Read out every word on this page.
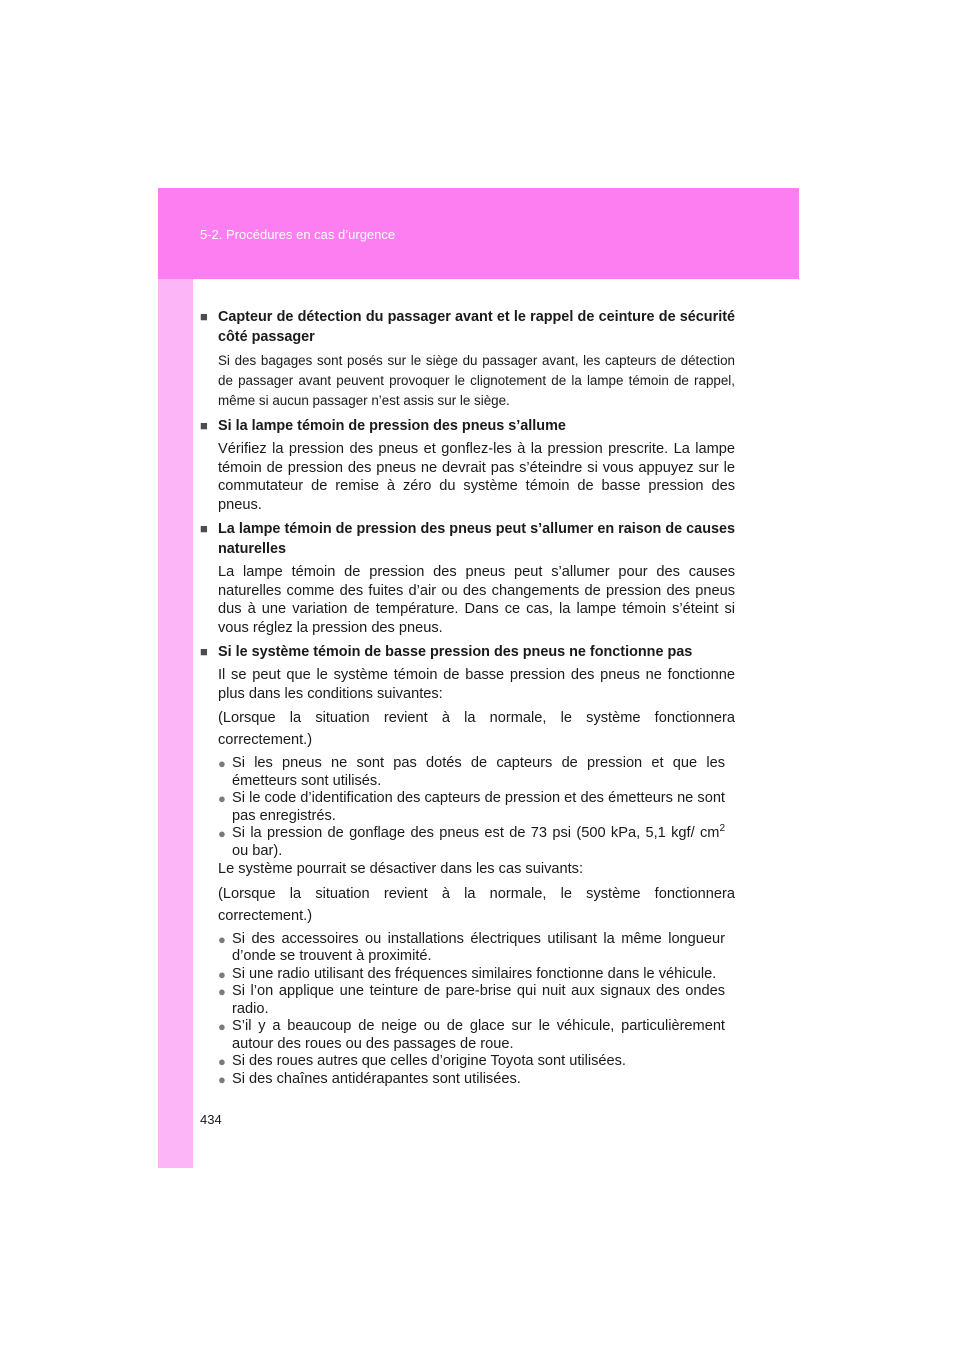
5-2. Procédures en cas d’urgence
■ Capteur de détection du passager avant et le rappel de ceinture de sécurité côté passager

Si des bagages sont posés sur le siège du passager avant, les capteurs de détection de passager avant peuvent provoquer le clignotement de la lampe témoin de rappel, même si aucun passager n’est assis sur le siège.

■ Si la lampe témoin de pression des pneus s’allume

Vérifiez la pression des pneus et gonflez-les à la pression prescrite. La lampe témoin de pression des pneus ne devrait pas s’éteindre si vous appuyez sur le commutateur de remise à zéro du système témoin de basse pression des pneus.

■ La lampe témoin de pression des pneus peut s’allumer en raison de causes naturelles

La lampe témoin de pression des pneus peut s’allumer pour des causes naturelles comme des fuites d’air ou des changements de pression des pneus dus à une variation de température. Dans ce cas, la lampe témoin s’éteint si vous réglez la pression des pneus.

■ Si le système témoin de basse pression des pneus ne fonctionne pas

Il se peut que le système témoin de basse pression des pneus ne fonctionne plus dans les conditions suivantes:

(Lorsque la situation revient à la normale, le système fonctionnera correctement.)

● Si les pneus ne sont pas dotés de capteurs de pression et que les émetteurs sont utilisés.
● Si le code d’identification des capteurs de pression et des émetteurs ne sont pas enregistrés.
● Si la pression de gonflage des pneus est de 73 psi (500 kPa, 5,1 kgf/ $cm^2$ ou bar).

Le système pourrait se désactiver dans les cas suivants:

(Lorsque la situation revient à la normale, le système fonctionnera correctement.)

● Si des accessoires ou installations électriques utilisant la même longueur d’onde se trouvent à proximité.
● Si une radio utilisant des fréquences similaires fonctionne dans le véhicule.
● Si l’on applique une teinture de pare-brise qui nuit aux signaux des ondes radio.
● S’il y a beaucoup de neige ou de glace sur le véhicule, particulièrement autour des roues ou des passages de roue.
● Si des roues autres que celles d’origine Toyota sont utilisées.
● Si des chaînes antidérapantes sont utilisées.
434
